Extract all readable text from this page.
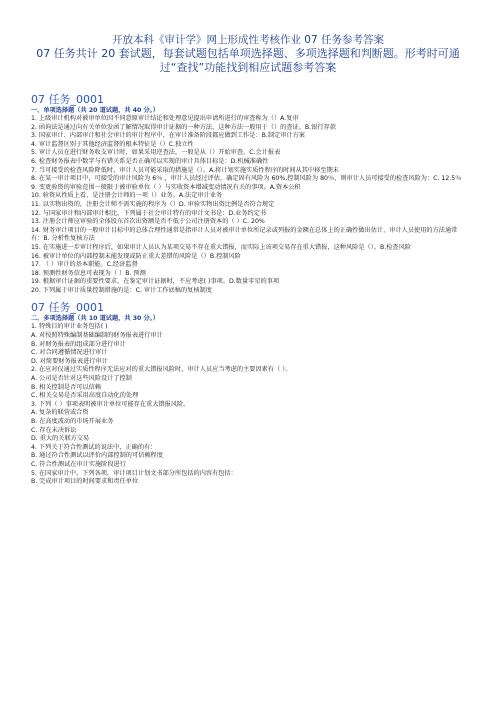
开放本科《审计学》网上形成性考核作业 07 任务参考答案
07 任务共计 20 套试题，每套试题包括单项选择题、多项选择题和判断题。形考时可通过“查找”功能找到相应试题参考答案
07 任务_0001
一、单项选择题（共 20 道试题，共 40 分。）
1. 上级审计机构对被审单位因不同意原审计结论和处理意见提出申请所进行的审查称为（）A.复审
2. 函询法是通过向有关单位发函了解情况取得审计证据的一种方法，这种方法一般用于（）的查证。B.银行存款
3. 国家审计、内部审计和社会审计的审计程序中，在审计准备阶段都应做到工作是：B.制定审计方案
4. 审计监督区别于其他经济监督的根本特征是（）C.独立性
5. 审计人员在进行财务收支审计时，如果采用逆查法，一般是从（）开始审查。C.会计报表
6. 检查财务报表中数字与有错关系是否正确可以实现的审计具体目标是：D.机械准确性
7. 当可接受的检查风险降低时，审计人员可能采取的措施是（）。A.将计划实施实质性程序的时间从其中移至期末
8. 在某一审计项目中，可接受的审计风险为 6％ ，审计人员经过评估，确定固有风险为 60%,控制风险为 80％，则审计人员可接受的检查风险为：C. 12.5％
9. 变更验资的审验范围一般限于被审验单位（ ）与实收资本增减变动情况有关的事项。A.资本公积
10. 验资从性质上看，是注册会计师的一项（）业务。A.法定审计业务
11. 以实物出资的，注册会计师不需实施的程序为（）D. 审验实物出资比例是否符合规定
12. 与国家审计和内部审计相比，下列属于社会审计特有的审计文书是：D.业务约定书
13. 注册会计师应审验的全体股东首次出资额是否不低于公司注册资本的（ ）C. 20%
14. 财务审计项目的一般审计目标中的总体合理性通常是指审计人员对被审计单位所记录或列报的金额在总体上的正确性做出估计，审计人员使用的方法通常有：B. 分析性复核方法
15. 在实施进一步审计程序后，如果审计人员认为某项交易不存在重大错报，而实际上该项交易存在重大错报，这种风险是（）。B.检查风险
16. 被审计单位的内部控制未能发现或防止重大差错的风险是（）B.控制风险
17. （ ）审计的基本职能。C.经济监督
18. 预测性财务信息可表现为（ ）B. 预测
19. 根据审计证据的重要性要求，在鉴定审计证据时，不应考虑( )事项。D.数量零星的事项
20. 下列属于审计质量控制措施的是：C. 审计工作底稿的复核制度
07 任务_0001
二、多项选择题（共 10 道试题，共 30 分。）
1. 特殊目的审计业务包括( )
A. 对按照特殊编制基础编制的财务报表进行审计
B. 对财务报表的组成部分进行审计
C. 对合同遵循情况进行审计
D. 对简要财务报表进行审计
2. 在应对仅通过实质性程序无法应对的重大错报风险时，审计人员应当考虑的主要因素有（ ）。
A. 公司是否针对这些风险设计了控制
B. 相关控制是否可以信赖
C. 相关交易是否采用高度自动化的处理
3. 下列（ ）事项表明被审计单位可能存在重大错报风险。
A. 复杂的联营或合资
B. 在高度波动的市场开展业务
C. 存在未决诉讼
D. 重大的关联方交易
4. 下列关于符合性测试的说法中，正确的有：
B. 通过符合性测试以评价内部控制的可信赖程度
C. 符合性测试在审计实施阶段进行
5. 在国家审计中，下列各项，审计项目计划文书部分所包括的内容有包括：
B. 完成审计项目的时间要求和责任单位
